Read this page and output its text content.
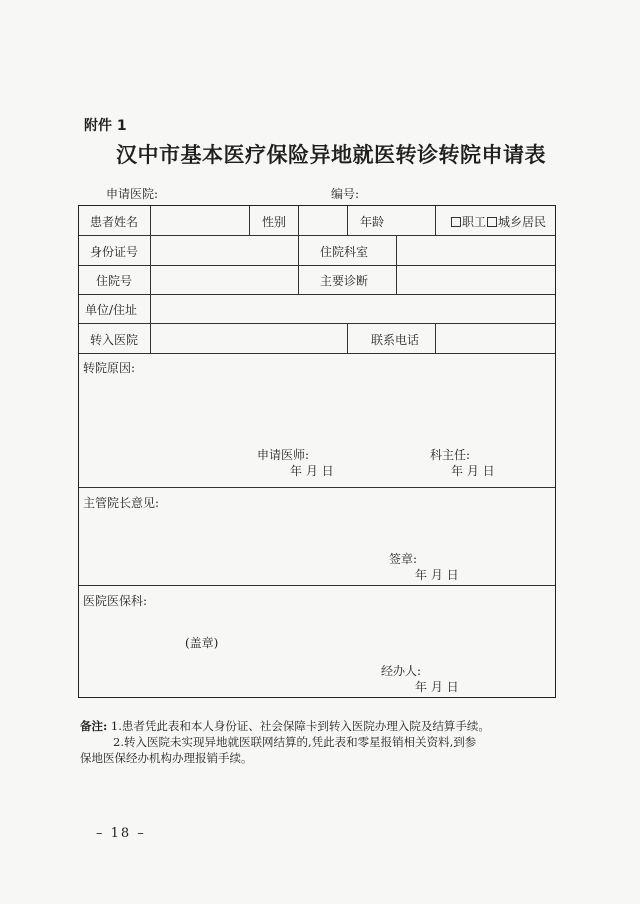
附件 1
汉中市基本医疗保险异地就医转诊转院申请表
申请医院:	编号:
患者姓名	性别	年龄	职工 城乡居民
身份证号	住院科室
住院号	主要诊断
单位/住址
转入医院	联系电话
转院原因:
申请医师:	科主任:
年 月 日	年 月 日
主管院长意见:
签章:
年 月 日
医院医保科:
(盖章)
经办人:
年 月 日
备注: 1.患者凭此表和本人身份证、社会保障卡到转入医院办理入院及结算手续。
2.转入医院未实现异地就医联网结算的,凭此表和零星报销相关资料,到参
保地医保经办机构办理报销手续。
– 18 –
